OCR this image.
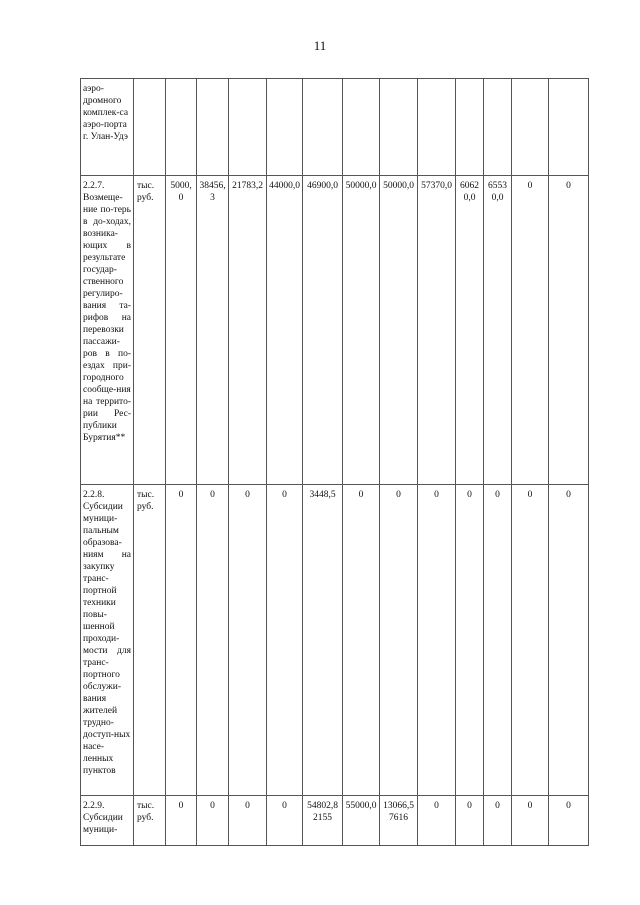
11
аэро-дромного комплек-са аэро-порта г. Улан-Удэ													
2.2.7. Возмеще-ние по-терь в до-ходах, возника-ющих в результате государ-ственного регулиро-вания та-рифов на перевозки пассажи-ров в по-ездах при-городного сообще-ния на террито-рии Рес-публики Бурятия**	тыс. руб.	5000,0	38456,3	21783,2	44000,0	46900,0	50000,0	50000,0	57370,0	60620,0	65530,0	0	0
2.2.8. Субсидии муници-пальным образова-ниям на закупку транс-портной техники повы-шенной проходи-мости для транс-портного обслужи-вания жителей трудно-доступ-ных насе-ленных пунктов	тыс. руб.	0	0	0	0	3448,5	0	0	0	0	0	0	0
2.2.9. Субсидии муници-	тыс. руб.	0	0	0	0	54802,82155	55000,0	13066,57616	0	0	0	0	0
